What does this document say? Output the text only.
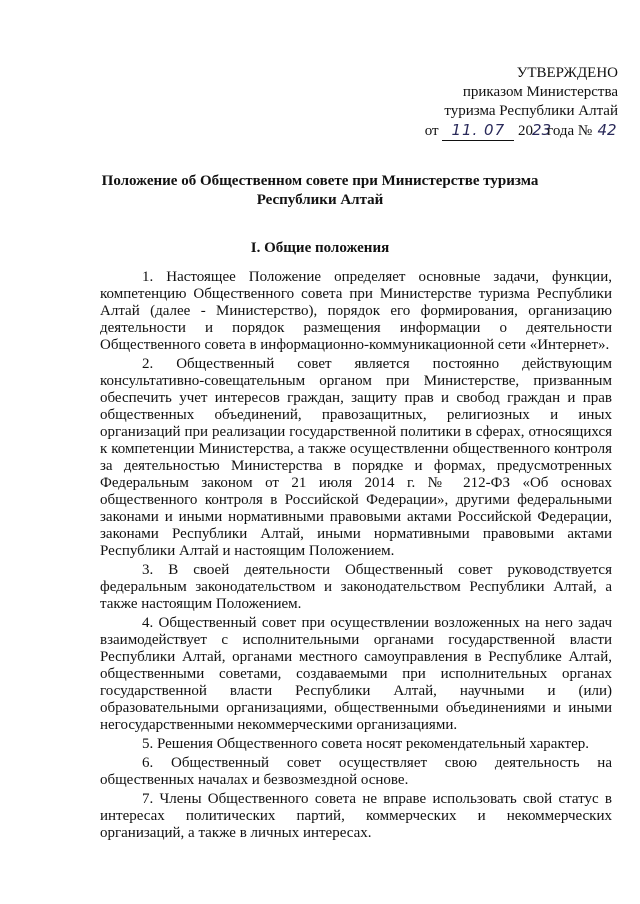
УТВЕРЖДЕНО
приказом Министерства
туризма Республики Алтай
от 11. 07 2023года № 42
Положение об Общественном совете при Министерстве туризма Республики Алтай
I. Общие положения

1. Настоящее Положение определяет основные задачи, функции, компетенцию Общественного совета при Министерстве туризма Республики Алтай (далее - Министерство), порядок его формирования, организацию деятельности и порядок размещения информации о деятельности Общественного совета в информационно-коммуникационной сети «Интернет».

2. Общественный совет является постоянно действующим консультативно-совещательным органом при Министерстве, призванным обеспечить учет интересов граждан, защиту прав и свобод граждан и прав общественных объединений, правозащитных, религиозных и иных организаций при реализации государственной политики в сферах, относящихся к компетенции Министерства, а также осуществленни общественного контроля за деятельностью Министерства в порядке и формах, предусмотренных Федеральным законом от 21 июля 2014 г. № 212-ФЗ «Об основах общественного контроля в Российской Федерации», другими федеральными законами и иными нормативными правовыми актами Российской Федерации, законами Республики Алтай, иными нормативными правовыми актами Республики Алтай и настоящим Положением.

3. В своей деятельности Общественный совет руководствуется федеральным законодательством и законодательством Республики Алтай, а также настоящим Положением.

4. Общественный совет при осуществлении возложенных на него задач взаимодействует с исполнительными органами государственной власти Республики Алтай, органами местного самоуправления в Республике Алтай, общественными советами, создаваемыми при исполнительных органах государственной власти Республики Алтай, научными и (или) образовательными организациями, общественными объединениями и иными негосударственными некоммерческими организациями.

5. Решения Общественного совета носят рекомендательный характер.

6. Общественный совет осуществляет свою деятельность на общественных началах и безвозмездной основе.

7. Члены Общественного совета не вправе использовать свой статус в интересах политических партий, коммерческих и некоммерческих организаций, а также в личных интересах.
